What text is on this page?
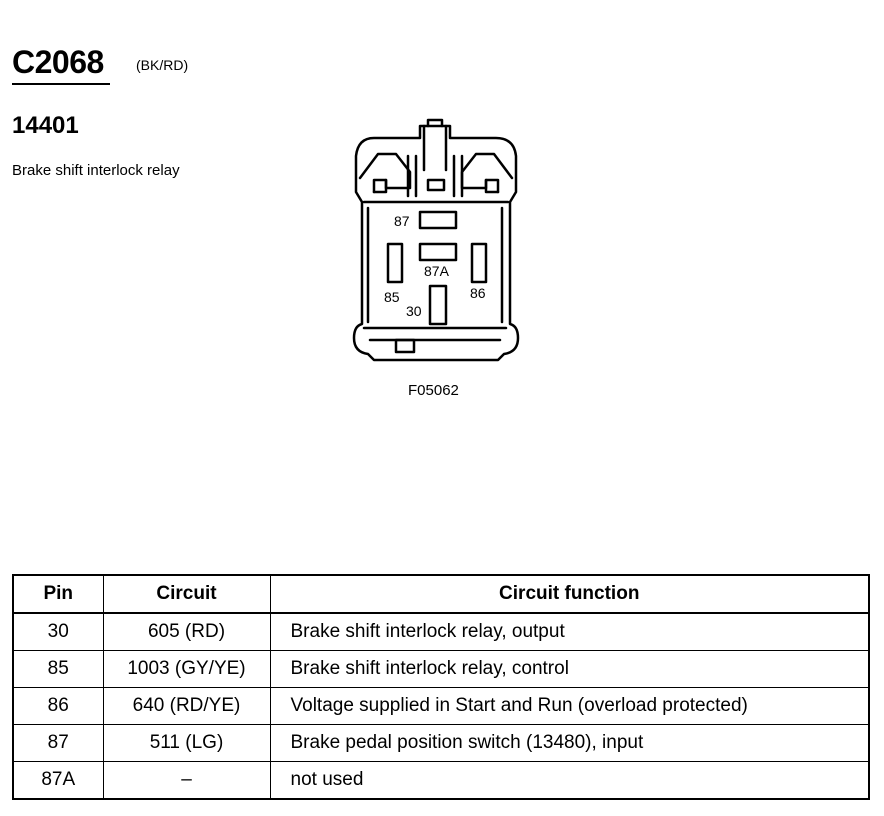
C2068 (BK/RD)
14401
Brake shift interlock relay
87
87A
85	86
30
F05062
Pin	Circuit	Circuit function
30	605 (RD)	Brake shift interlock relay, output
85	1003 (GY/YE)	Brake shift interlock relay, control
86	640 (RD/YE)	Voltage supplied in Start and Run (overload protected)
87	511 (LG)	Brake pedal position switch (13480), input
87A	–	not used
